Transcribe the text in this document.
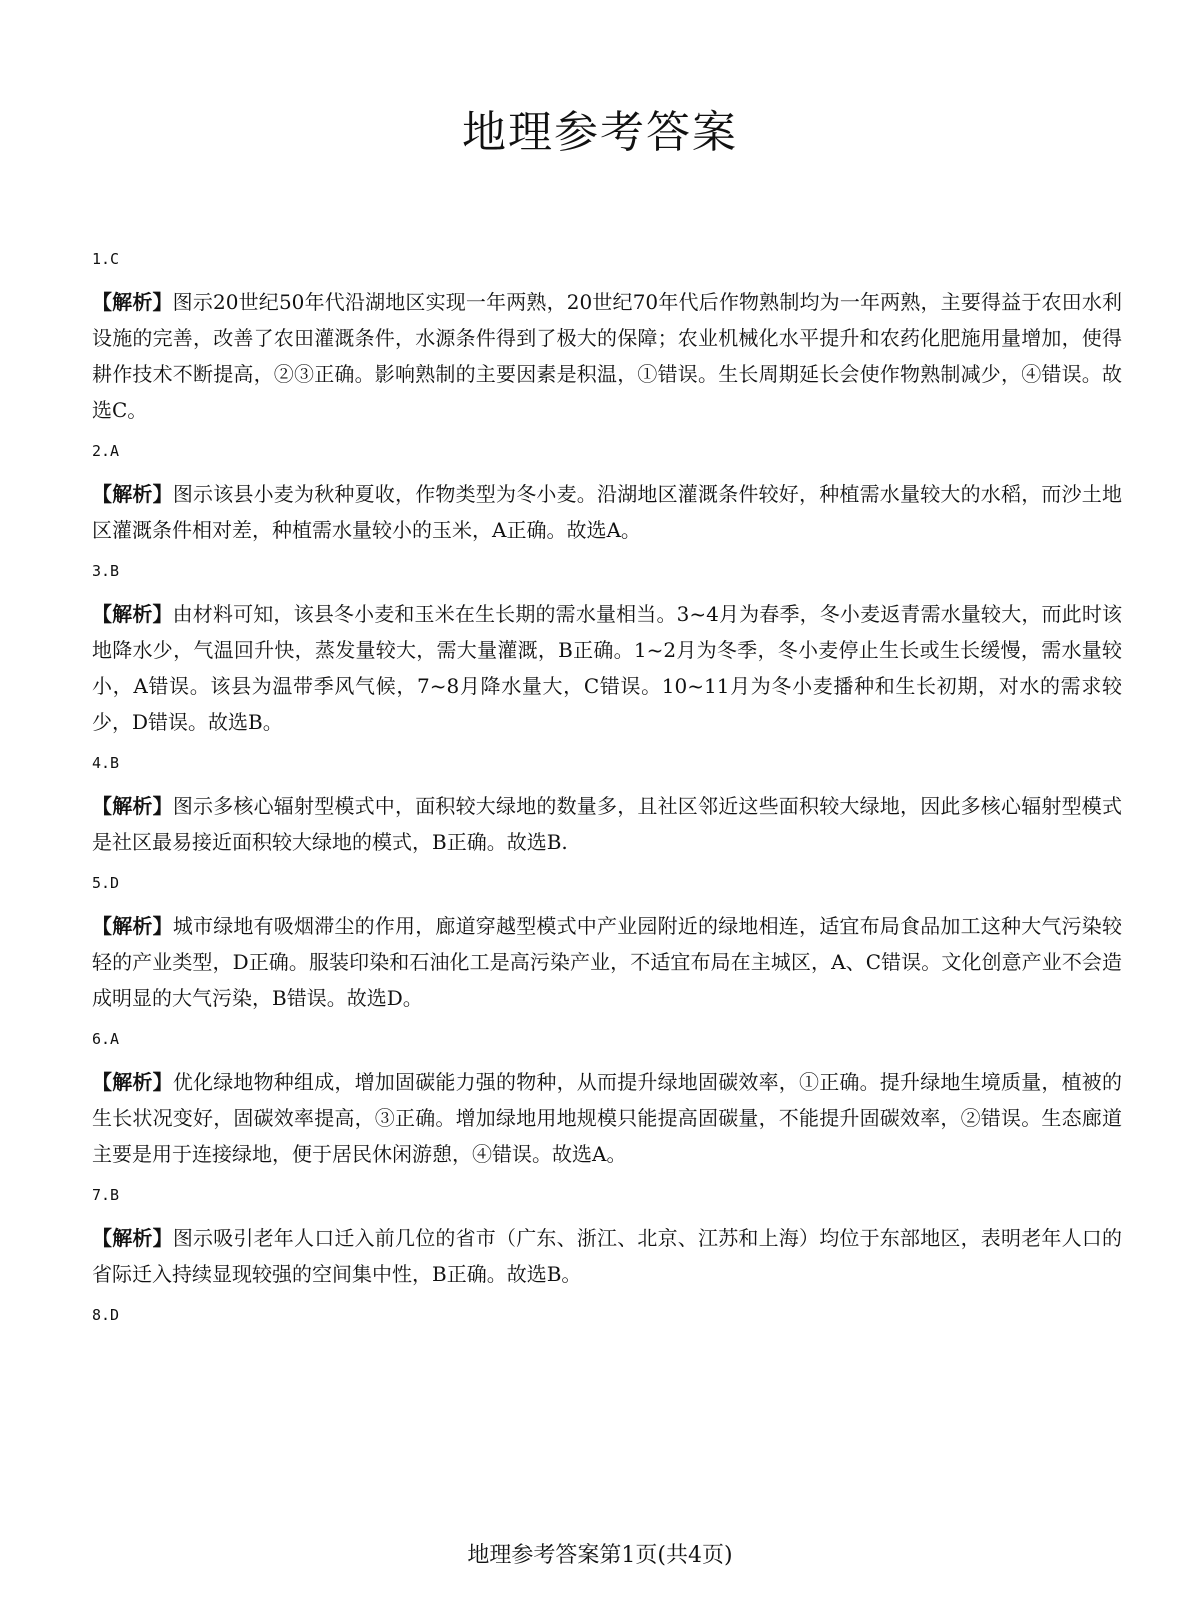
地理参考答案
1.C

【解析】图示20世纪50年代沿湖地区实现一年两熟，20世纪70年代后作物熟制均为一年两熟，主要得益于农田水利设施的完善，改善了农田灌溉条件，水源条件得到了极大的保障；农业机械化水平提升和农药化肥施用量增加，使得耕作技术不断提高，②③正确。影响熟制的主要因素是积温，①错误。生长周期延长会使作物熟制减少，④错误。故选C。

2.A

【解析】图示该县小麦为秋种夏收，作物类型为冬小麦。沿湖地区灌溉条件较好，种植需水量较大的水稻，而沙土地区灌溉条件相对差，种植需水量较小的玉米，A正确。故选A。

3.B

【解析】由材料可知，该县冬小麦和玉米在生长期的需水量相当。3~4月为春季，冬小麦返青需水量较大，而此时该地降水少，气温回升快，蒸发量较大，需大量灌溉，B正确。1~2月为冬季，冬小麦停止生长或生长缓慢，需水量较小，A错误。该县为温带季风气候，7~8月降水量大，C错误。10~11月为冬小麦播种和生长初期，对水的需求较少，D错误。故选B。

4.B

【解析】图示多核心辐射型模式中，面积较大绿地的数量多，且社区邻近这些面积较大绿地，因此多核心辐射型模式是社区最易接近面积较大绿地的模式，B正确。故选B.

5.D

【解析】城市绿地有吸烟滞尘的作用，廊道穿越型模式中产业园附近的绿地相连，适宜布局食品加工这种大气污染较轻的产业类型，D正确。服装印染和石油化工是高污染产业，不适宜布局在主城区，A、C错误。文化创意产业不会造成明显的大气污染，B错误。故选D。

6.A

【解析】优化绿地物种组成，增加固碳能力强的物种，从而提升绿地固碳效率，①正确。提升绿地生境质量，植被的生长状况变好，固碳效率提高，③正确。增加绿地用地规模只能提高固碳量，不能提升固碳效率，②错误。生态廊道主要是用于连接绿地，便于居民休闲游憩，④错误。故选A。

7.B

【解析】图示吸引老年人口迁入前几位的省市（广东、浙江、北京、江苏和上海）均位于东部地区，表明老年人口的省际迁入持续显现较强的空间集中性，B正确。故选B。

8.D
地理参考答案第1页(共4页)
